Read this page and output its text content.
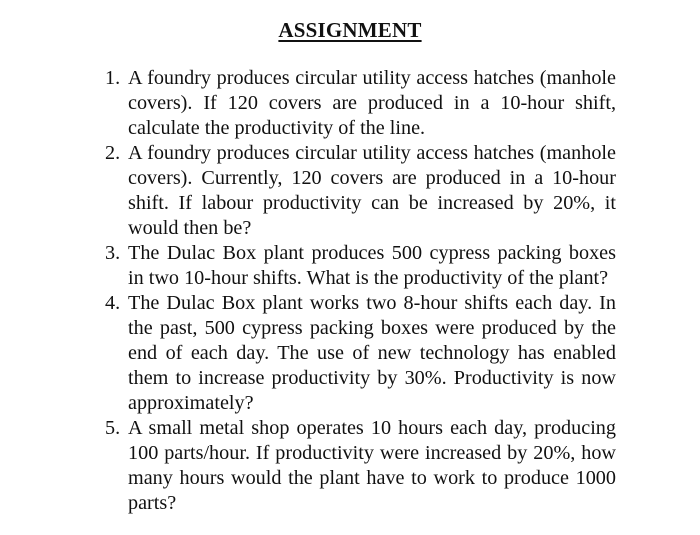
ASSIGNMENT
1. A foundry produces circular utility access hatches (manhole covers). If 120 covers are produced in a 10-hour shift, calculate the productivity of the line.
2. A foundry produces circular utility access hatches (manhole covers). Currently, 120 covers are produced in a 10-hour shift. If labour productivity can be increased by 20%, it would then be?
3. The Dulac Box plant produces 500 cypress packing boxes in two 10-hour shifts. What is the productivity of the plant?
4. The Dulac Box plant works two 8-hour shifts each day. In the past, 500 cypress packing boxes were produced by the end of each day. The use of new technology has enabled them to increase productivity by 30%. Productivity is now approximately?
5. A small metal shop operates 10 hours each day, producing 100 parts/hour. If productivity were increased by 20%, how many hours would the plant have to work to produce 1000 parts?
